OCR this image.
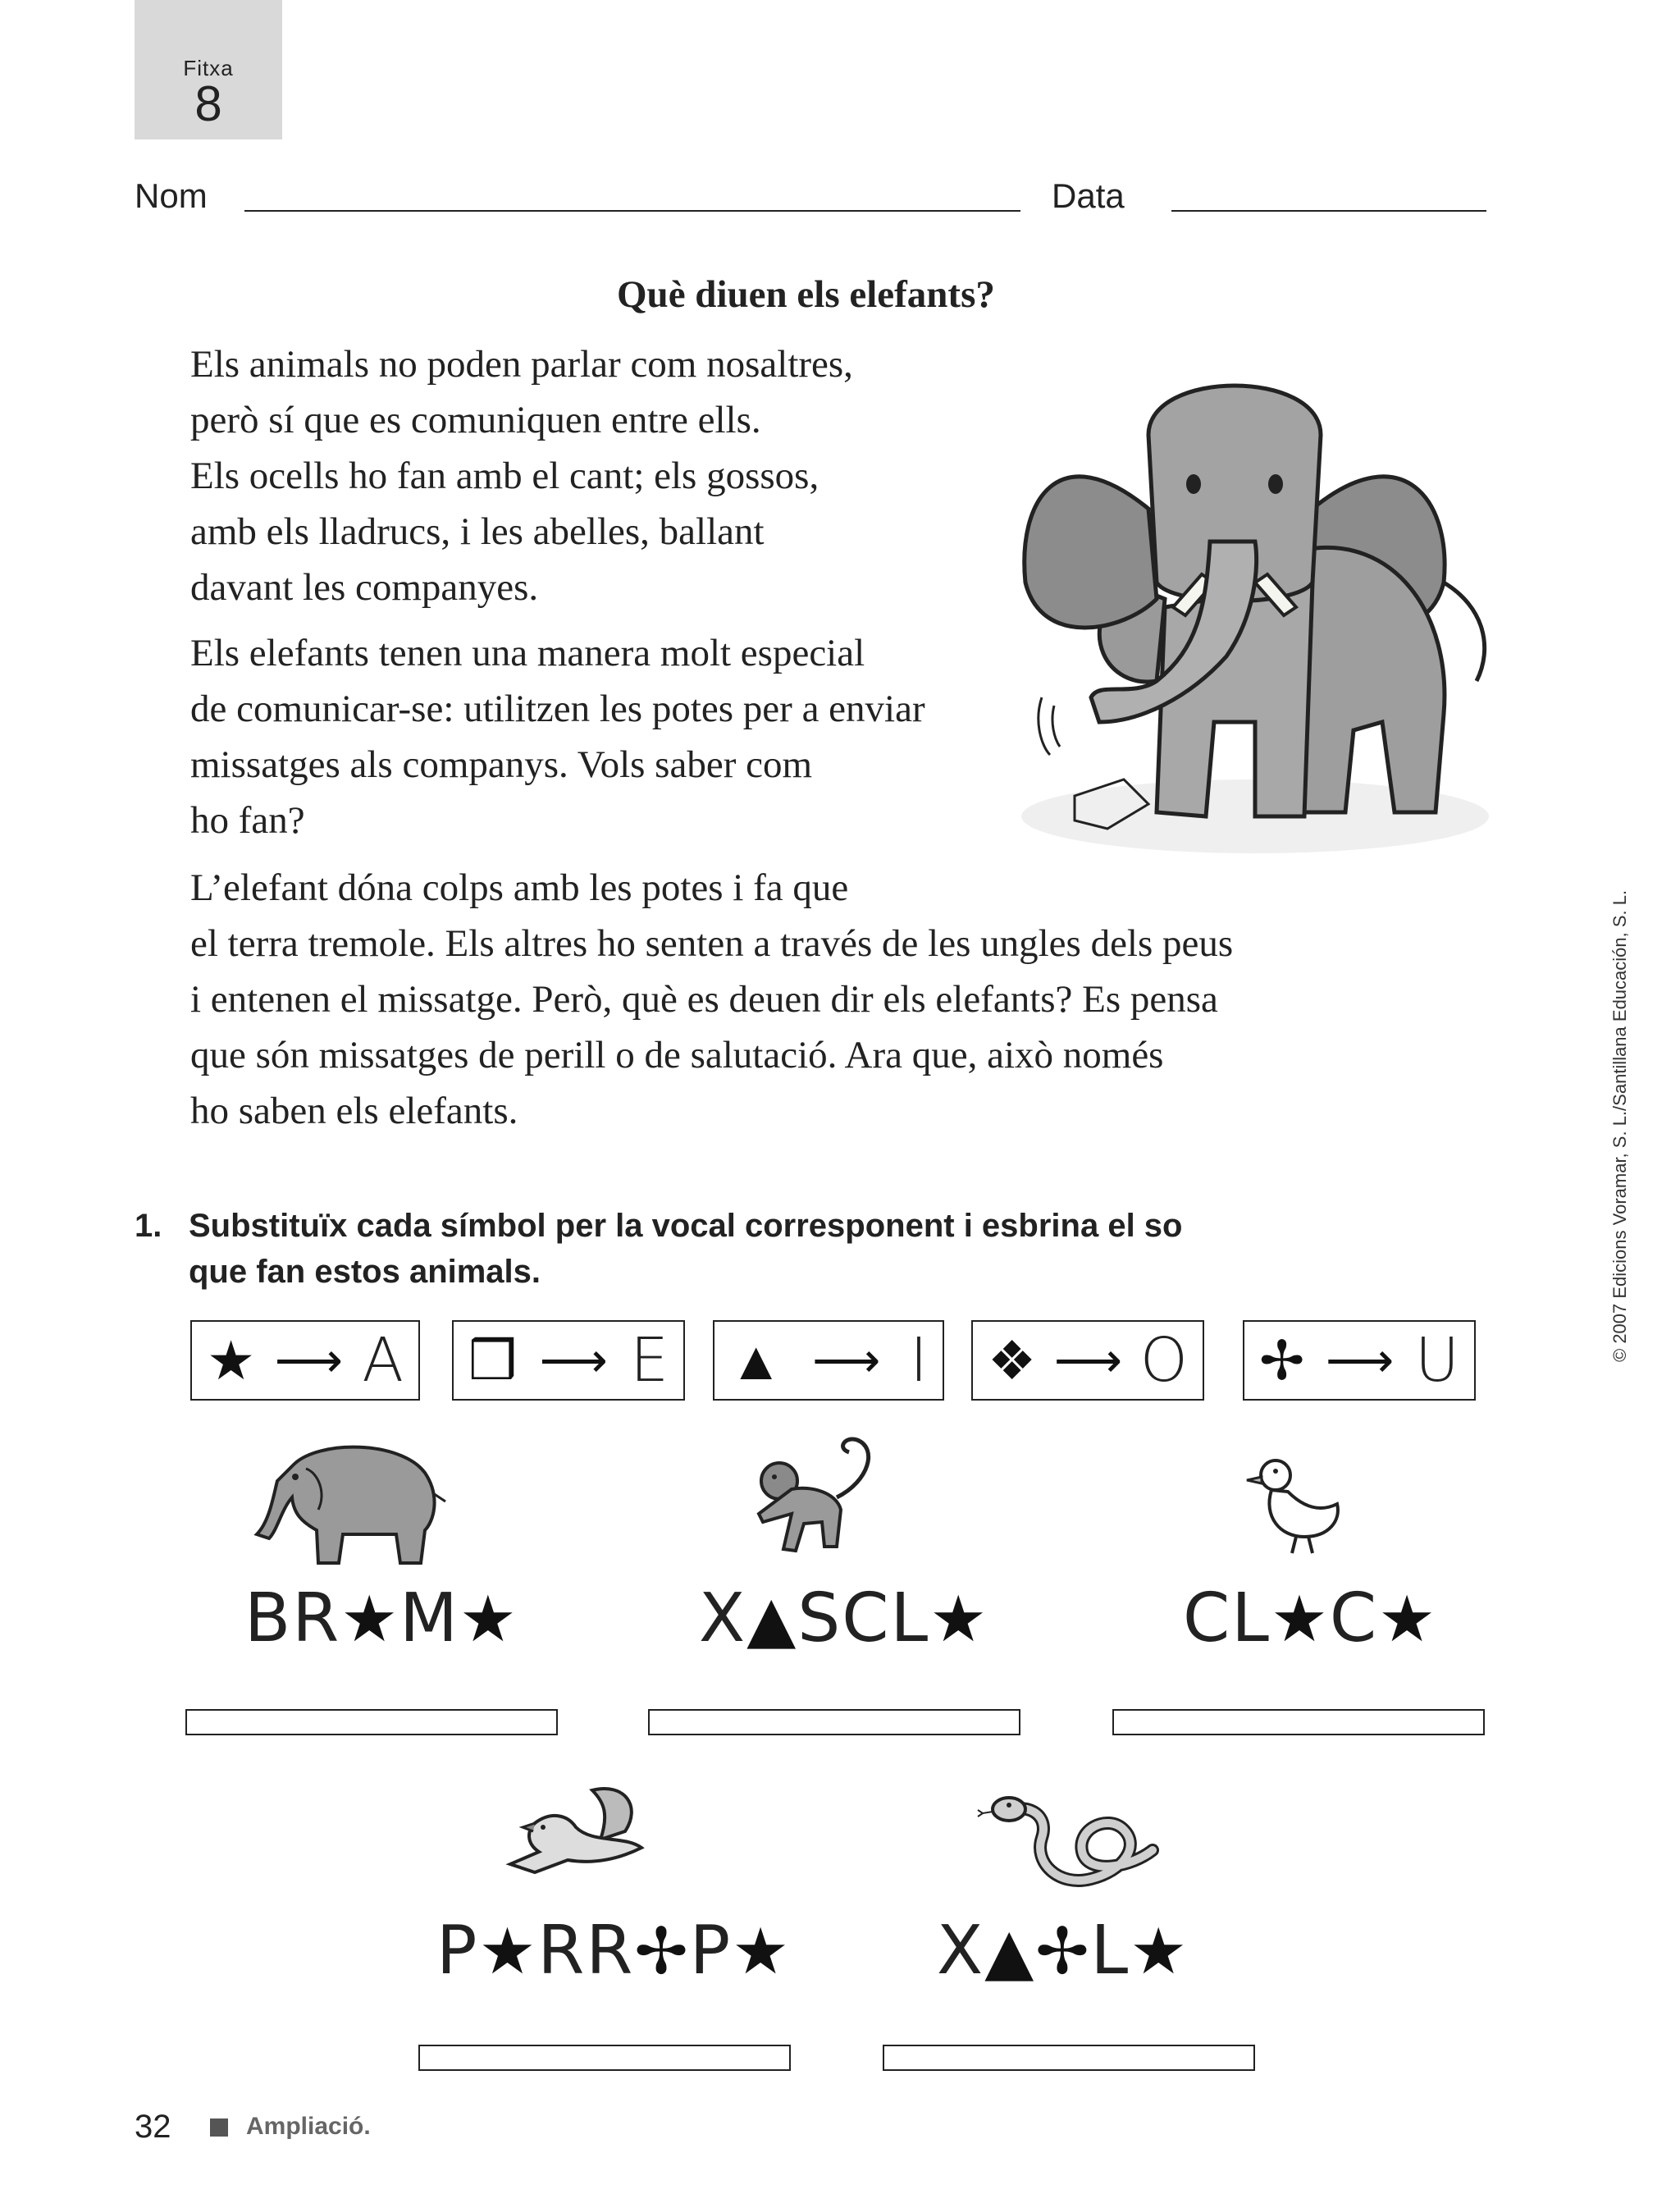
Fitxa
8
Nom	Data
Què diuen els elefants?
Els animals no poden parlar com nosaltres,
però sí que es comuniquen entre ells.
Els ocells ho fan amb el cant; els gossos,
amb els lladrucs, i les abelles, ballant
davant les companyes.
Els elefants tenen una manera molt especial
de comunicar-se: utilitzen les potes per a enviar
missatges als companys. Vols saber com
ho fan?
L’elefant dóna colps amb les potes i fa que
el terra tremole. Els altres ho senten a través de les ungles dels peus
i entenen el missatge. Però, què es deuen dir els elefants? Es pensa
que són missatges de perill o de salutació. Ara que, això només
ho saben els elefants.	© 2007 Edicions Voramar, S. L./Santillana Educación, S. L.
1. Substituïx cada símbol per la vocal corresponent i esbrina el so
que fan estos animals.
★ ⟶ A ❒ ⟶ E ▲ ⟶ I ❖ ⟶ O ✢ ⟶ U
BR★M★	X▲SCL★	CL★C★
P★RR✢P★ X▲✢L★
32	Ampliació.
